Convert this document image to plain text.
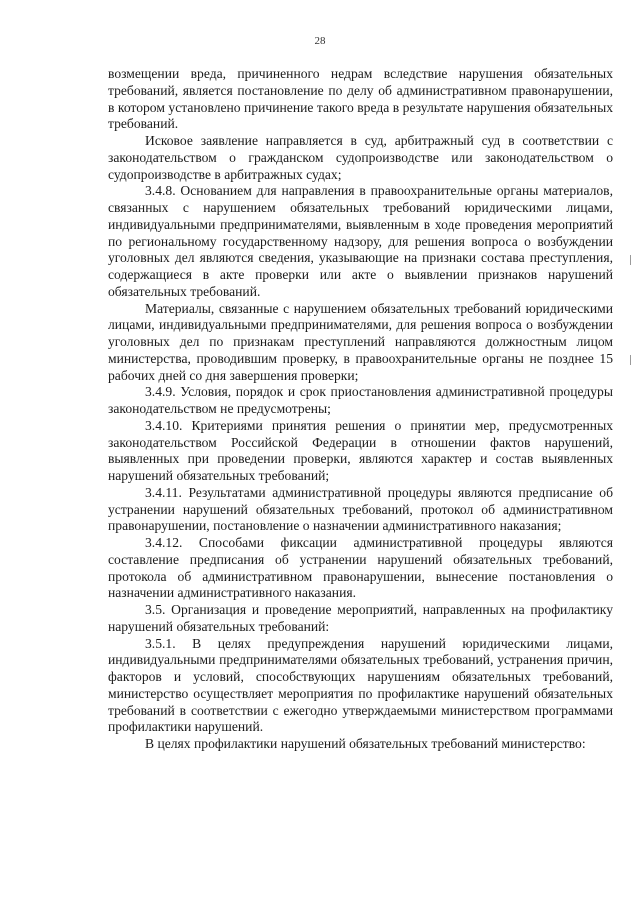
28

возмещении вреда, причиненного недрам вследствие нарушения обязательных требований, является постановление по делу об административном правонарушении, в котором установлено причинение такого вреда в результате нарушения обязательных требований.

Исковое заявление направляется в суд, арбитражный суд в соответствии с законодательством о гражданском судопроизводстве или законодательством о судопроизводстве в арбитражных судах;

3.4.8. Основанием для направления в правоохранительные органы материалов, связанных с нарушением обязательных требований юридическими лицами, индивидуальными предпринимателями, выявленным в ходе проведения мероприятий по региональному государственному надзору, для решения вопроса о возбуждении уголовных дел являются сведения, указывающие на признаки состава преступления, содержащиеся в акте проверки или акте о выявлении признаков нарушений обязательных требований.

Материалы, связанные с нарушением обязательных требований юридическими лицами, индивидуальными предпринимателями, для решения вопроса о возбуждении уголовных дел по признакам преступлений направляются должностным лицом министерства, проводившим проверку, в правоохранительные органы не позднее 15 рабочих дней со дня завершения проверки;

3.4.9. Условия, порядок и срок приостановления административной процедуры законодательством не предусмотрены;

3.4.10. Критериями принятия решения о принятии мер, предусмотренных законодательством Российской Федерации в отношении фактов нарушений, выявленных при проведении проверки, являются характер и состав выявленных нарушений обязательных требований;

3.4.11. Результатами административной процедуры являются предписание об устранении нарушений обязательных требований, протокол об административном правонарушении, постановление о назначении административного наказания;

3.4.12. Способами фиксации административной процедуры являются составление предписания об устранении нарушений обязательных требований, протокола об административном правонарушении, вынесение постановления о назначении административного наказания.

3.5. Организация и проведение мероприятий, направленных на профилактику нарушений обязательных требований:

3.5.1. В целях предупреждения нарушений юридическими лицами, индивидуальными предпринимателями обязательных требований, устранения причин, факторов и условий, способствующих нарушениям обязательных требований, министерство осуществляет мероприятия по профилактике нарушений обязательных требований в соответствии с ежегодно утверждаемыми министерством программами профилактики нарушений.

В целях профилактики нарушений обязательных требований министерство:
